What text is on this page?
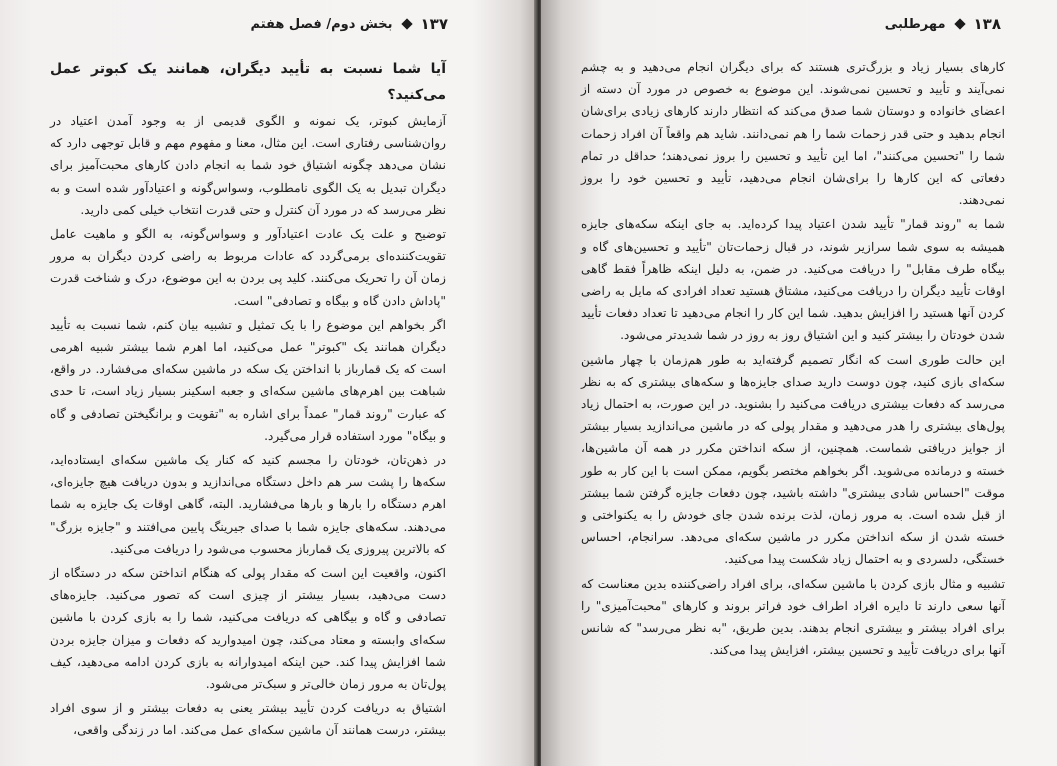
۱۳۷
بخش دوم/ فصل هفتم
آیا شما نسبت به تأیید دیگران، همانند یک کبوتر عمل می‌کنید؟

آزمایش کبوتر، یک نمونه و الگوی قدیمی از به وجود آمدن اعتیاد در روان‌شناسی رفتاری است. این مثال، معنا و مفهوم مهم و قابل توجهی دارد که نشان می‌دهد چگونه اشتیاق خود شما به انجام دادن کارهای محبت‌آمیز برای دیگران تبدیل به یک الگوی نامطلوب، وسواس‌گونه و اعتیادآور شده است و به نظر می‌رسد که در مورد آن کنترل و حتی قدرت انتخاب خیلی کمی دارید.

توضیح و علت یک عادت اعتیادآور و وسواس‌گونه، به الگو و ماهیت عامل تقویت‌کننده‌ای برمی‌گردد که عادات مربوط به راضی کردن دیگران به مرور زمان آن را تحریک می‌کنند. کلید پی بردن به این موضوع، درک و شناخت قدرت "پاداش دادن گاه و بیگاه و تصادفی" است.

اگر بخواهم این موضوع را با یک تمثیل و تشبیه بیان کنم، شما نسبت به تأیید دیگران همانند یک "کبوتر" عمل می‌کنید، اما اهرم شما بیشتر شبیه اهرمی است که یک قمارباز با انداختن یک سکه در ماشین سکه‌ای می‌فشارد. در واقع، شباهت بین اهرم‌های ماشین سکه‌ای و جعبه اسکینر بسیار زیاد است، تا حدی که عبارت "روند قمار" عمداً برای اشاره به "تقویت و برانگیختن تصادفی و گاه و بیگاه" مورد استفاده قرار می‌گیرد.

در ذهن‌تان، خودتان را مجسم کنید که کنار یک ماشین سکه‌ای ایستاده‌اید، سکه‌ها را پشت سر هم داخل دستگاه می‌اندازید و بدون دریافت هیچ جایزه‌ای، اهرم دستگاه را بارها و بارها می‌فشارید. البته، گاهی اوقات یک جایزه به شما می‌دهند. سکه‌های جایزه شما با صدای جیرینگ پایین می‌افتند و "جایزه بزرگ" که بالاترین پیروزی یک قمارباز محسوب می‌شود را دریافت می‌کنید.

اکنون، واقعیت این است که مقدار پولی که هنگام انداختن سکه در دستگاه از دست می‌دهید، بسیار بیشتر از چیزی است که تصور می‌کنید. جایزه‌های تصادفی و گاه و بیگاهی که دریافت می‌کنید، شما را به بازی کردن با ماشین سکه‌ای وابسته و معتاد می‌کند، چون امیدوارید که دفعات و میزان جایزه بردن شما افزایش پیدا کند. حین اینکه امیدوارانه به بازی کردن ادامه می‌دهید، کیف پول‌تان به مرور زمان خالی‌تر و سبک‌تر می‌شود.

اشتیاق به دریافت کردن تأیید بیشتر یعنی به دفعات بیشتر و از سوی افراد بیشتر، درست همانند آن ماشین سکه‌ای عمل می‌کند. اما در زندگی واقعی،

مهرطلبی ۱۳۸

کارهای بسیار زیاد و بزرگ‌تری هستند که برای دیگران انجام می‌دهید و به چشم نمی‌آیند و تأیید و تحسین نمی‌شوند. این موضوع به خصوص در مورد آن دسته از اعضای خانواده و دوستان شما صدق می‌کند که انتظار دارند کارهای زیادی برای‌شان انجام بدهید و حتی قدر زحمات شما را هم نمی‌دانند. شاید هم واقعاً آن افراد زحمات شما را "تحسین می‌کنند"، اما این تأیید و تحسین را بروز نمی‌دهند؛ حداقل در تمام دفعاتی که این کارها را برای‌شان انجام می‌دهید، تأیید و تحسین خود را بروز نمی‌دهند.

شما به "روند قمار" تأیید شدن اعتیاد پیدا کرده‌اید. به جای اینکه سکه‌های جایزه همیشه به سوی شما سرازیر شوند، در قبال زحمات‌تان "تأیید و تحسین‌های گاه و بیگاه طرف مقابل" را دریافت می‌کنید. در ضمن، به دلیل اینکه ظاهراً فقط گاهی اوقات تأیید دیگران را دریافت می‌کنید، مشتاق هستید تعداد افرادی که مایل به راضی کردن آنها هستید را افزایش بدهید. شما این کار را انجام می‌دهید تا تعداد دفعات تأیید شدن خودتان را بیشتر کنید و این اشتیاق روز به روز در شما شدیدتر می‌شود.

این حالت طوری است که انگار تصمیم گرفته‌اید به طور هم‌زمان با چهار ماشین سکه‌ای بازی کنید، چون دوست دارید صدای جایزه‌ها و سکه‌های بیشتری که به نظر می‌رسد که دفعات بیشتری دریافت می‌کنید را بشنوید. در این صورت، به احتمال زیاد پول‌های بیشتری را هدر می‌دهید و مقدار پولی که در ماشین می‌اندازید بسیار بیشتر از جوایز دریافتی شماست. همچنین، از سکه انداختن مکرر در همه آن ماشین‌ها، خسته و درمانده می‌شوید. اگر بخواهم مختصر بگویم، ممکن است با این کار به طور موقت "احساس شادی بیشتری" داشته باشید، چون دفعات جایزه گرفتن شما بیشتر از قبل شده است. به مرور زمان، لذت برنده شدن جای خودش را به یکنواختی و خسته شدن از سکه انداختن مکرر در ماشین سکه‌ای می‌دهد. سرانجام، احساس خستگی، دلسردی و به احتمال زیاد شکست پیدا می‌کنید.

تشبیه و مثال بازی کردن با ماشین سکه‌ای، برای افراد راضی‌کننده بدین معناست که آنها سعی دارند تا دایره افراد اطراف خود فراتر بروند و کارهای "محبت‌آمیزی" را برای افراد بیشتر و بیشتری انجام بدهند. بدین طریق، "به نظر می‌رسد" که شانس آنها برای دریافت تأیید و تحسین بیشتر، افزایش پیدا می‌کند.
